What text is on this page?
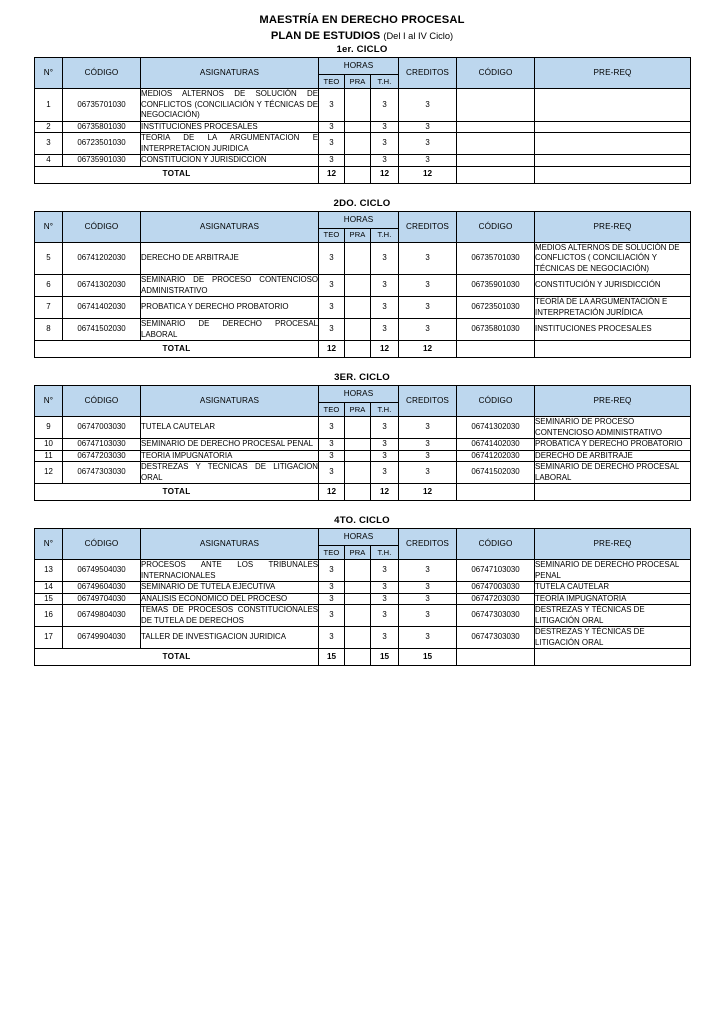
MAESTRÍA EN DERECHO PROCESAL
PLAN DE ESTUDIOS (Del I al IV Ciclo)
1er. CICLO
N°	CÓDIGO	ASIGNATURAS	HORAS			CREDITOS	CÓDIGO	PRE-REQ
			TEO	PRA	T.H.			
1	06735701030	MEDIOS ALTERNOS DE SOLUCIÓN DE CONFLICTOS (CONCILIACIÓN Y TÉCNICAS DE NEGOCIACIÓN)	3		3	3		
2	06735801030	INSTITUCIONES PROCESALES	3		3	3		
3	06723501030	TEORIA DE LA ARGUMENTACION E INTERPRETACION JURIDICA	3		3	3		
4	06735901030	CONSTITUCION Y JURISDICCION	3		3	3		
TOTAL			12		12	12		
2DO. CICLO
N°	CÓDIGO	ASIGNATURAS	HORAS			CREDITOS	CÓDIGO	PRE-REQ
			TEO	PRA	T.H.			
5	06741202030	DERECHO DE ARBITRAJE	3		3	3	06735701030	MEDIOS ALTERNOS DE SOLUCIÓN DE CONFLICTOS ( CONCILIACIÓN Y TÉCNICAS DE NEGOCIACIÓN)
6	06741302030	SEMINARIO DE PROCESO CONTENCIOSO ADMINISTRATIVO	3		3	3	06735901030	CONSTITUCIÓN Y JURISDICCIÓN
7	06741402030	PROBATICA Y DERECHO PROBATORIO	3		3	3	06723501030	TEORÍA DE LA ARGUMENTACIÓN E INTERPRETACIÓN JURÍDICA
8	06741502030	SEMINARIO DE DERECHO PROCESAL LABORAL	3		3	3	06735801030	INSTITUCIONES PROCESALES
TOTAL			12		12	12		
3ER. CICLO
N°	CÓDIGO	ASIGNATURAS	HORAS			CREDITOS	CÓDIGO	PRE-REQ
			TEO	PRA	T.H.			
9	06747003030	TUTELA CAUTELAR	3		3	3	06741302030	SEMINARIO DE PROCESO CONTENCIOSO ADMINISTRATIVO
10	06747103030	SEMINARIO DE DERECHO PROCESAL PENAL	3		3	3	06741402030	PROBATICA Y DERECHO PROBATORIO
11	06747203030	TEORIA IMPUGNATORIA	3		3	3	06741202030	DERECHO DE ARBITRAJE
12	06747303030	DESTREZAS Y TECNICAS DE LITIGACION ORAL	3		3	3	06741502030	SEMINARIO DE DERECHO PROCESAL LABORAL
TOTAL			12		12	12		
4TO. CICLO
N°	CÓDIGO	ASIGNATURAS	HORAS			CREDITOS	CÓDIGO	PRE-REQ
			TEO	PRA	T.H.			
13	06749504030	PROCESOS ANTE LOS TRIBUNALES INTERNACIONALES	3		3	3	06747103030	SEMINARIO DE DERECHO PROCESAL PENAL
14	06749604030	SEMINARIO DE TUTELA EJECUTIVA	3		3	3	06747003030	TUTELA CAUTELAR
15	06749704030	ANALISIS ECONOMICO DEL PROCESO	3		3	3	06747203030	TEORÍA IMPUGNATORIA
16	06749804030	TEMAS DE PROCESOS CONSTITUCIONALES DE TUTELA DE DERECHOS	3		3	3	06747303030	DESTREZAS Y TÉCNICAS DE LITIGACIÓN ORAL
17	06749904030	TALLER DE INVESTIGACION JURIDICA	3		3	3	06747303030	DESTREZAS Y TÉCNICAS DE LITIGACIÓN ORAL
TOTAL			15		15	15		
